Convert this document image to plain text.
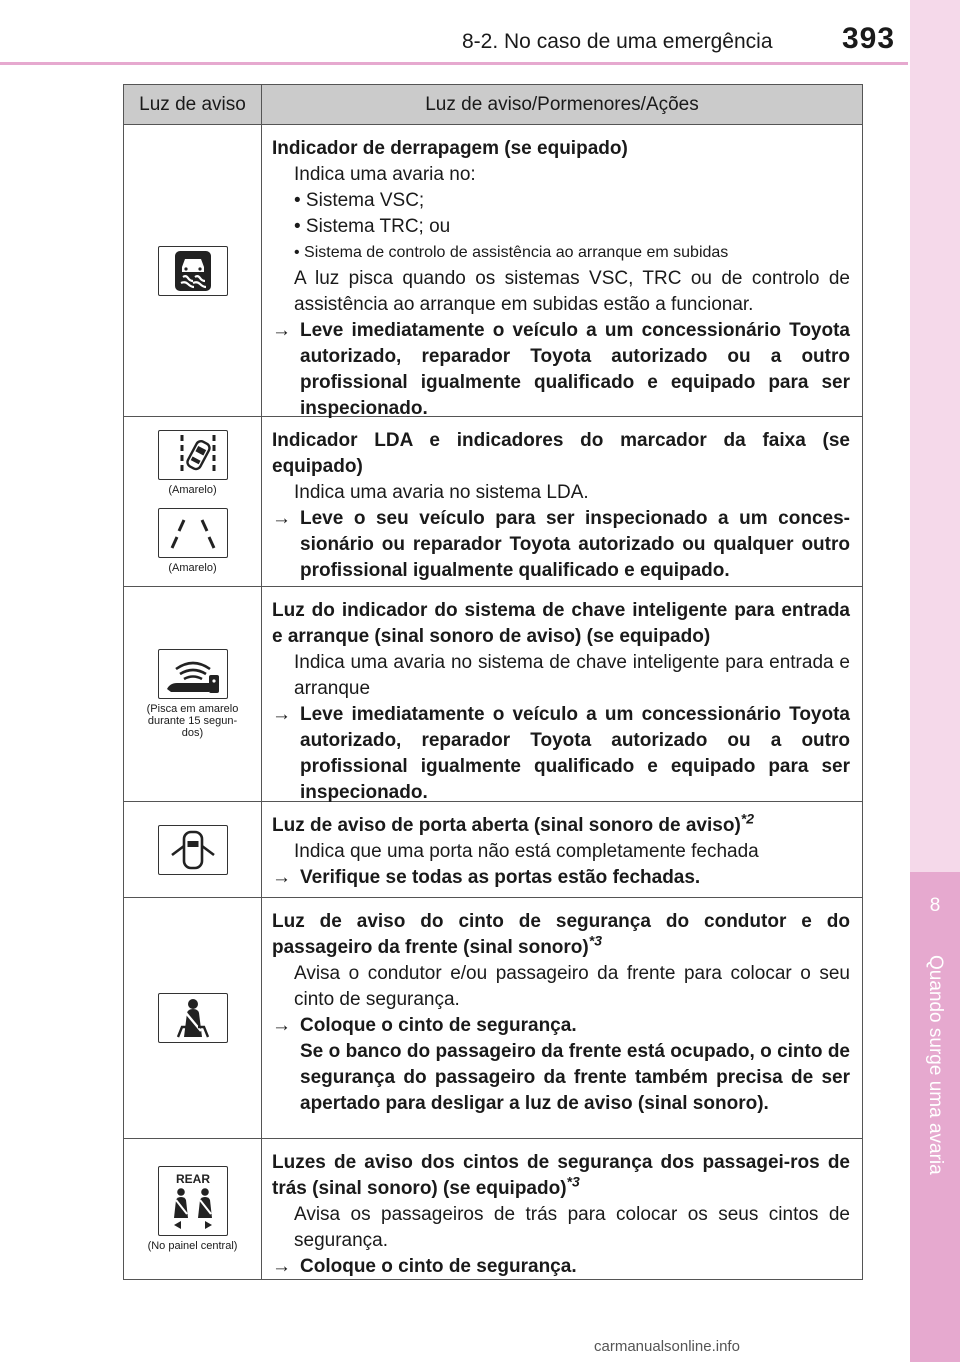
8-2. No caso de uma emergência 393
8
Quando surge uma avaria
Luz de aviso	Luz de aviso/Pormenores/Ações
Indicador de derrapagem (se equipado)
Indica uma avaria no:
• Sistema VSC;
• Sistema TRC; ou
• Sistema de controlo de assistência ao arranque em subidas
A luz pisca quando os sistemas VSC, TRC ou de controlo de assistência ao arranque em subidas estão a funcionar.
→ Leve imediatamente o veículo a um concessionário Toyota autorizado, reparador Toyota autorizado ou a outro profissional igualmente qualificado e equipado para ser inspecionado.
(Amarelo)
(Amarelo)
Indicador LDA e indicadores do marcador da faixa (se equipado)
Indica uma avaria no sistema LDA.
→ Leve o seu veículo para ser inspecionado a um conces-sionário ou reparador Toyota autorizado ou qualquer outro profissional igualmente qualificado e equipado.
(Pisca em amarelo durante 15 segun-dos)
Luz do indicador do sistema de chave inteligente para entrada e arranque (sinal sonoro de aviso) (se equipado)
Indica uma avaria no sistema de chave inteligente para entrada e arranque
→ Leve imediatamente o veículo a um concessionário Toyota autorizado, reparador Toyota autorizado ou a outro profissional igualmente qualificado e equipado para ser inspecionado.
Luz de aviso de porta aberta (sinal sonoro de aviso)$^{*2}$
Indica que uma porta não está completamente fechada
→ Verifique se todas as portas estão fechadas.
Luz de aviso do cinto de segurança do condutor e do passageiro da frente (sinal sonoro)$^{*3}$
Avisa o condutor e/ou passageiro da frente para colocar o seu cinto de segurança.
→ Coloque o cinto de segurança.
Se o banco do passageiro da frente está ocupado, o cinto de segurança do passageiro da frente também precisa de ser apertado para desligar a luz de aviso (sinal sonoro).
REAR
(No painel central)
Luzes de aviso dos cintos de segurança dos passagei-ros de trás (sinal sonoro) (se equipado)$^{*3}$
Avisa os passageiros de trás para colocar os seus cintos de segurança.
→ Coloque o cinto de segurança.
carmanualsonline.info
